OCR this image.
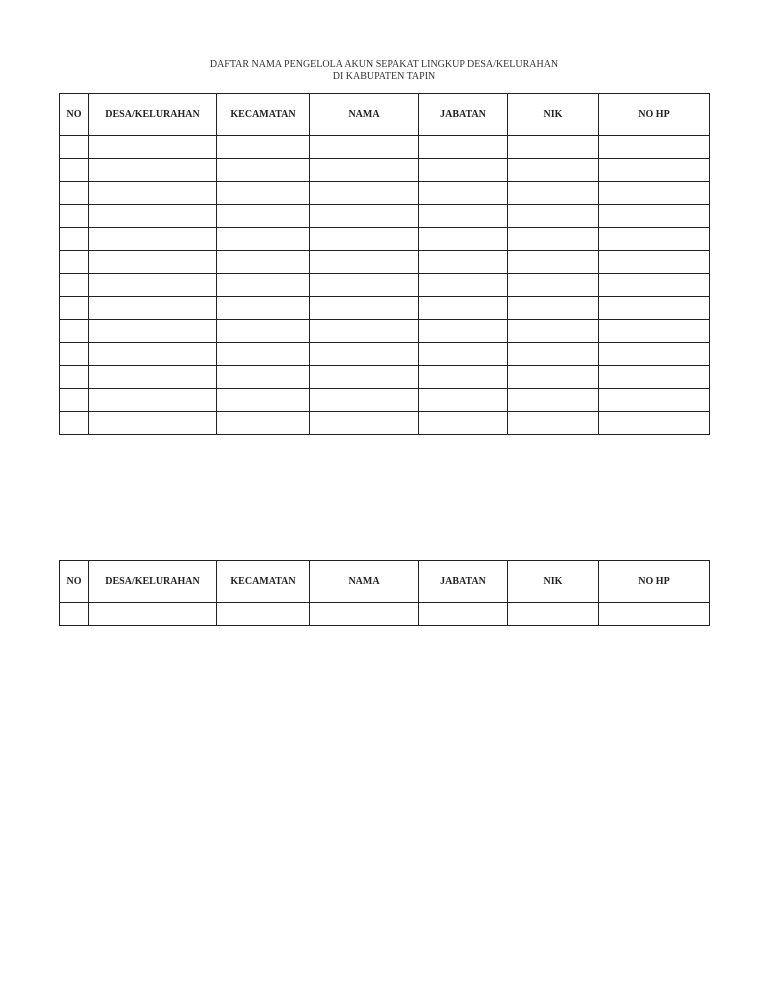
DAFTAR NAMA PENGELOLA AKUN SEPAKAT LINGKUP DESA/KELURAHAN
DI KABUPATEN TAPIN
NO	DESA/KELURAHAN	KECAMATAN	NAMA	JABATAN	NIK	NO HP

NO	DESA/KELURAHAN	KECAMATAN	NAMA	JABATAN	NIK	NO HP
